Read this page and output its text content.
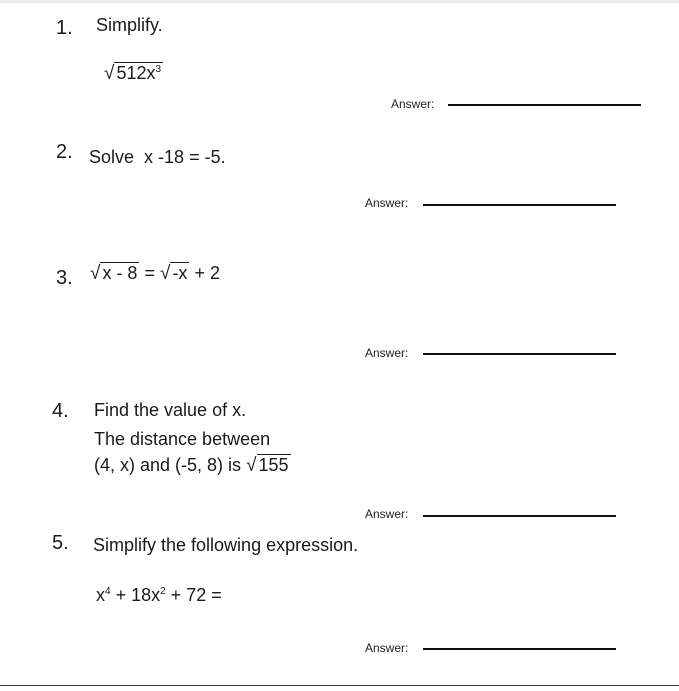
1. Simplify.
√ $512x^3$
Answer:
2. Solve x -18 = -5.
Answer:
3. √ x - 8 = √ -x + 2
Answer:
4. Find the value of x.
The distance between
(4, x) and (-5, 8) is √ 155
Answer:
5. Simplify the following expression.
$x^4 + 18x^2 + 72$ =
Answer:
